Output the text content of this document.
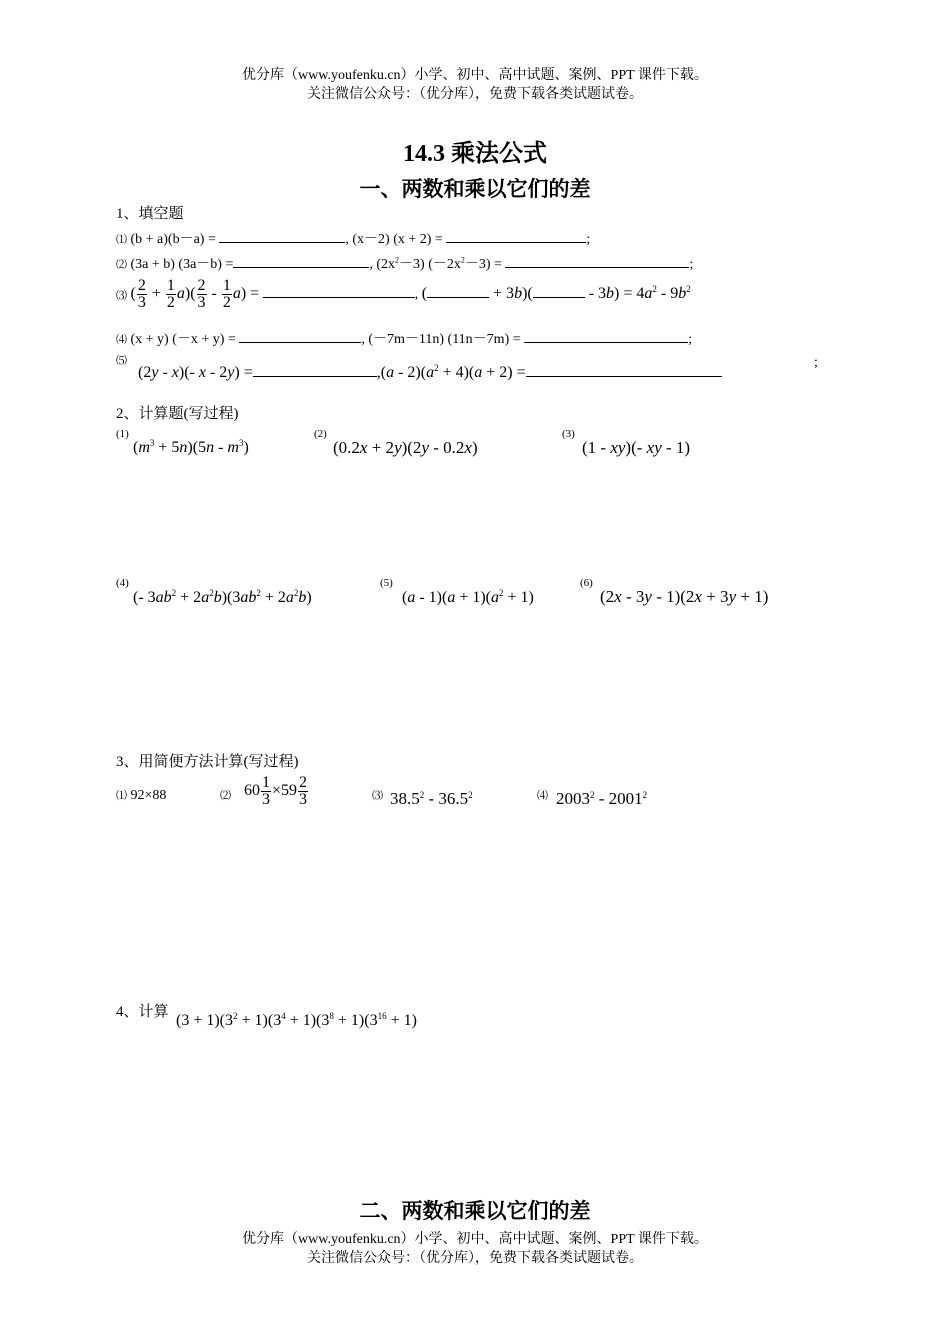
优分库（www.youfenku.cn）小学、初中、高中试题、案例、PPT 课件下载。
关注微信公众号：（优分库），免费下载各类试题试卷。
14.3 乘法公式
一、两数和乘以它们的差
1、填空题
⑴ (b + a)(b－a) =	, (x－2) (x + 2) =	;
⑵ (3a + b) (3a－b) =	, $(2x^2-3) (-2x^2-3)$ =	;
⑶ ( $\frac{2}{3} + \frac{1}{2} a)( \frac{2}{3} - \frac{1}{2} a)$ =	, (	+ 3b)(	- $3b) = 4a^2 - 9b^2$
⑷ (x + y) (－x + y) =	, (－7m－11n) (11n－7m) =	;
⑸
(2y - x)(- x - 2y) =	$,(a - 2)(a^2 + 4)(a + 2)$ =
;
2、计算题(写过程)
(1)
$(m^3 + 5n)(5n - m^3)$
(2)
(0.2x + 2y)(2y - 0.2x)
(3)
(1 - xy)(- xy - 1)
(4)
(- $3ab^2 + 2a^2b)(3ab^2 + 2a^2b)$
(5)
$(a - 1)(a + 1)(a^2 + 1)$
(6)
(2x - 3y - 1)(2x + 3y + 1)
3、用简便方法计算(写过程)
⑴ 92×88	⑵ $60 \frac{1}{3} \times 59 \frac{2}{3}$	⑶ 38.5$^2$ - 36.5$^2$	⑷ 2003$^2$ - 2001$^2$
4、计算 $(3 + 1)(3^2 + 1)(3^4 + 1)(3^8 + 1)(3^{16} + 1)$
二、两数和乘以它们的差
优分库（www.youfenku.cn）小学、初中、高中试题、案例、PPT 课件下载。
关注微信公众号：（优分库），免费下载各类试题试卷。
